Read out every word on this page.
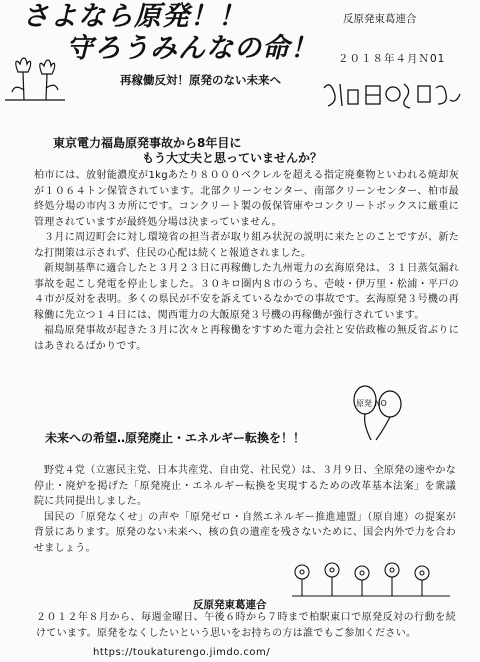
さよなら原発！！
守ろうみんなの命！
反原発東葛連合
２０１８年４月Ｎ01
再稼働反対！原発のない未来へ
やさい　思い出
東京電力福島原発事故から8年目に
もう大丈夫と思っていませんか？

柏市には、放射能濃度が1kgあたり８０００ベクレルを超える指定廃棄物といわれる焼却灰が１０６４トン保管されています。北部クリーンセンター、南部クリーンセンター、柏市最終処分場の市内３カ所にです。コンクリート製の仮保管庫やコンクリートボックスに厳重に管理されていますが最終処分場は決まっていません。

３月に周辺町会に対し環境省の担当者が取り組み状況の説明に来たとのことですが、新たな打開策は示されず、住民の心配は続くと報道されました。

新規制基準に適合したと３月２３日に再稼働した九州電力の玄海原発は、３１日蒸気漏れ事故を起こし発電を停止しました。３０キロ圏内８市のうち、壱岐・伊万里・松浦・平戸の４市が反対を表明。多くの県民が不安を訴えているなかでの事故です。玄海原発３号機の再稼働に先立つ１４日には、関西電力の大飯原発３号機の再稼働が強行されています。

福島原発事故が起きた３月に次々と再稼働をすすめた電力会社と安倍政権の無反省ぶりにはあきれるばかりです。

原発 NO
未来への希望‥原発廃止・エネルギー転換を！！

野党４党（立憲民主党、日本共産党、自由党、社民党）は、３月９日、全原発の速やかな停止・廃炉を掲げた「原発廃止・エネルギー転換を実現するための改革基本法案」を衆議院に共同提出しました。

国民の「原発なくせ」の声や「原発ゼロ・自然エネルギー推進連盟」（原自連）の提案が背景にあります。原発のない未来へ、核の負の遺産を残さないために、国会内外で力を合わせましょう。

反原発東葛連合

２０１２年８月から、毎週金曜日、午後６時から７時まで柏駅東口で原発反対の行動を続けています。原発をなくしたいという思いをお持ちの方は誰でもご参加ください。

https://toukaturengo.jimdo.com/
